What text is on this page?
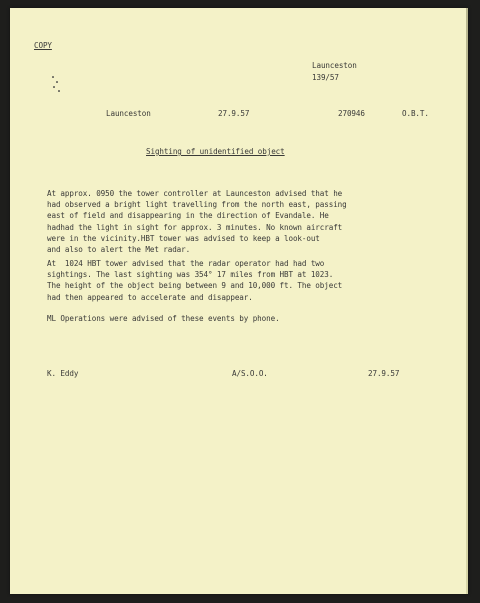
COPY

Launceston

139/57

Launceston	27.9.57	270946	O.B.T.

Sighting of unidentified object

At approx. 0950 the tower controller at Launceston advised that he
had observed a bright light travelling from the north east, passing
east of field and disappearing in the direction of Evandale. He
hadhad the light in sight for approx. 3 minutes. No known aircraft
were in the vicinity.HBT tower was advised to keep a look-out
and also to alert the Met radar.

At  1024 HBT tower advised that the radar operator had had two
sightings. The last sighting was 354° 17 miles from HBT at 1023.
The height of the object being between 9 and 10,000 ft. The object
had then appeared to accelerate and disappear.

ML Operations were advised of these events by phone.

K. Eddy	A/S.O.O.	27.9.57
